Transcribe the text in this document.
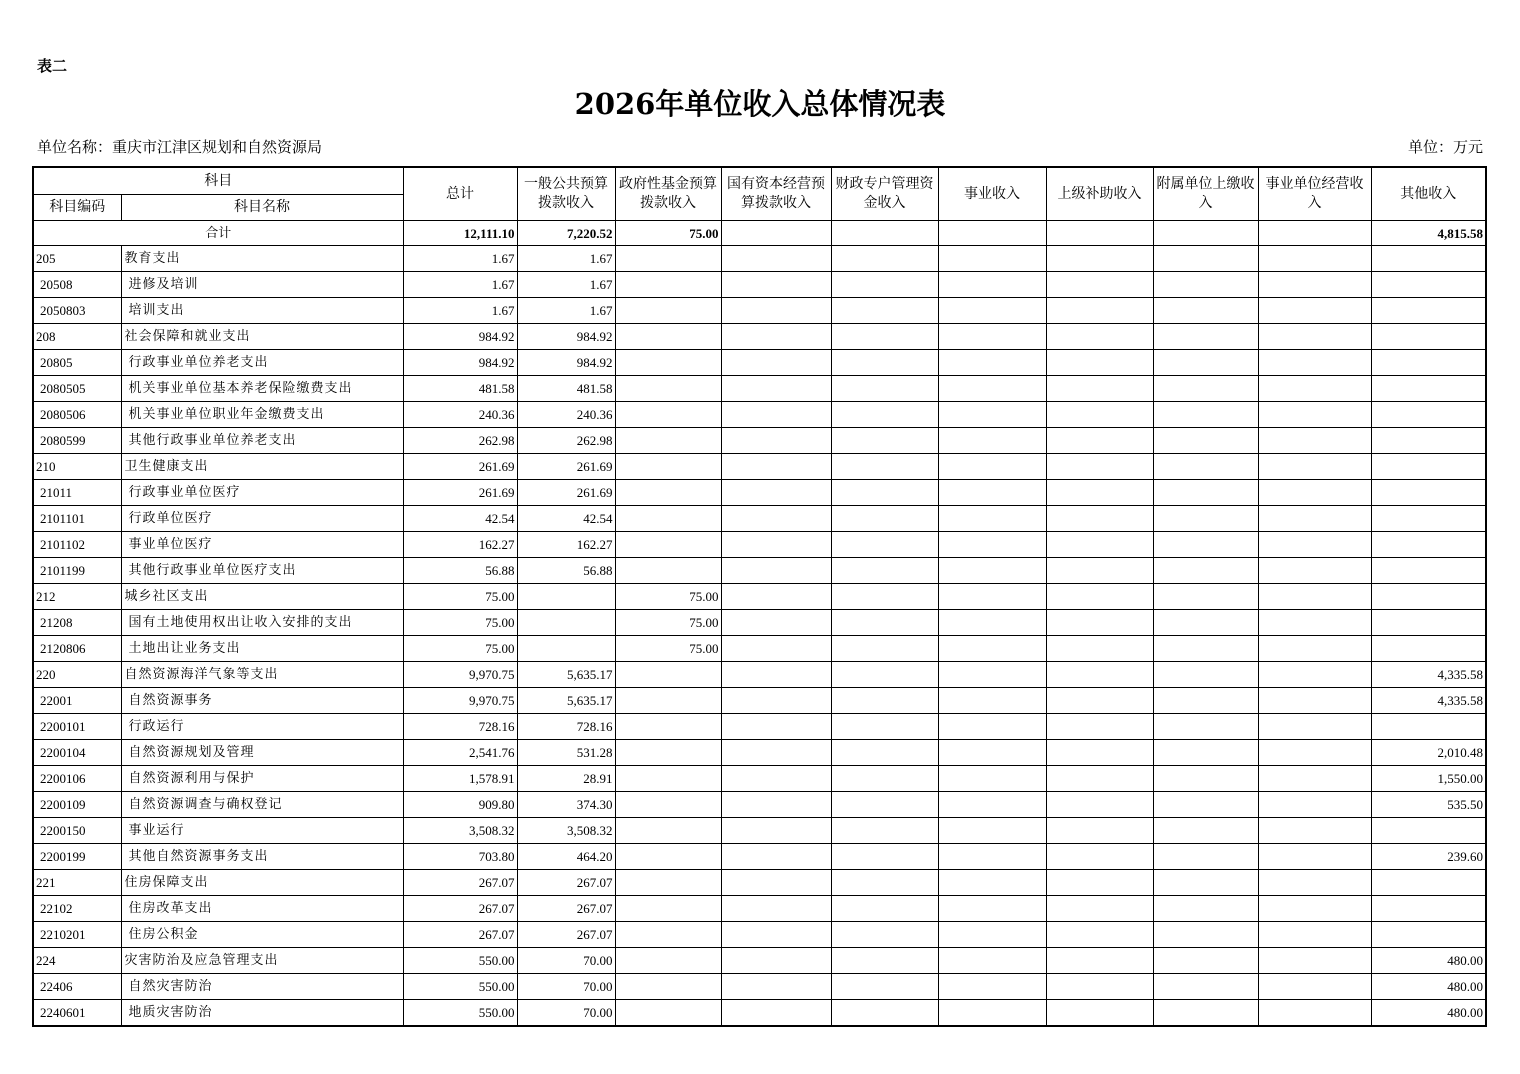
表二
2026年单位收入总体情况表
单位名称：重庆市江津区规划和自然资源局	单位：万元
科目		总计	一般公共预算拨款收入	政府性基金预算拨款收入	国有资本经营预算拨款收入	财政专户管理资金收入	事业收入	上级补助收入	附属单位上缴收入	事业单位经营收入	其他收入
科目编码	科目名称										
合计		12,111.10	7,220.52	75.00							4,815.58
205	教育支出	1.67	1.67								
20508	进修及培训	1.67	1.67								
2050803	培训支出	1.67	1.67								
208	社会保障和就业支出	984.92	984.92								
20805	行政事业单位养老支出	984.92	984.92								
2080505	机关事业单位基本养老保险缴费支出	481.58	481.58								
2080506	机关事业单位职业年金缴费支出	240.36	240.36								
2080599	其他行政事业单位养老支出	262.98	262.98								
210	卫生健康支出	261.69	261.69								
21011	行政事业单位医疗	261.69	261.69								
2101101	行政单位医疗	42.54	42.54								
2101102	事业单位医疗	162.27	162.27								
2101199	其他行政事业单位医疗支出	56.88	56.88								
212	城乡社区支出	75.00		75.00							
21208	国有土地使用权出让收入安排的支出	75.00		75.00							
2120806	土地出让业务支出	75.00		75.00							
220	自然资源海洋气象等支出	9,970.75	5,635.17								4,335.58
22001	自然资源事务	9,970.75	5,635.17								4,335.58
2200101	行政运行	728.16	728.16								
2200104	自然资源规划及管理	2,541.76	531.28								2,010.48
2200106	自然资源利用与保护	1,578.91	28.91								1,550.00
2200109	自然资源调查与确权登记	909.80	374.30								535.50
2200150	事业运行	3,508.32	3,508.32								
2200199	其他自然资源事务支出	703.80	464.20								239.60
221	住房保障支出	267.07	267.07								
22102	住房改革支出	267.07	267.07								
2210201	住房公积金	267.07	267.07								
224	灾害防治及应急管理支出	550.00	70.00								480.00
22406	自然灾害防治	550.00	70.00								480.00
2240601	地质灾害防治	550.00	70.00								480.00
